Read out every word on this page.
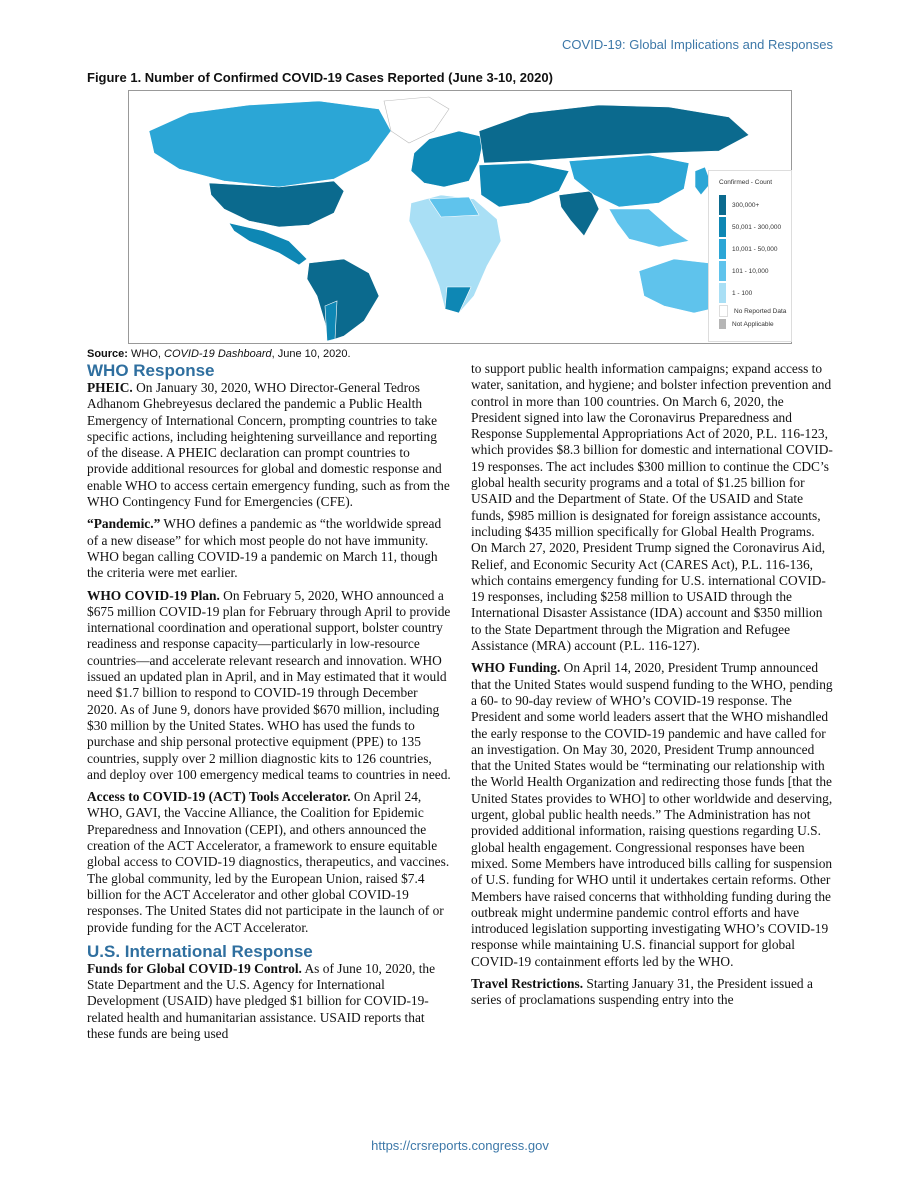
COVID-19: Global Implications and Responses
Figure 1. Number of Confirmed COVID-19 Cases Reported (June 3-10, 2020)
Confirmed - Count
300,000+
50,001 - 300,000
10,001 - 50,000
101 - 10,000
1 - 100
No Reported Data
Not Applicable
Source: WHO, COVID-19 Dashboard, June 10, 2020.
WHO Response

PHEIC. On January 30, 2020, WHO Director-General Tedros Adhanom Ghebreyesus declared the pandemic a Public Health Emergency of International Concern, prompting countries to take specific actions, including heightening surveillance and reporting of the disease. A PHEIC declaration can prompt countries to provide additional resources for global and domestic response and enable WHO to access certain emergency funding, such as from the WHO Contingency Fund for Emergencies (CFE).

“Pandemic.” WHO defines a pandemic as “the worldwide spread of a new disease” for which most people do not have immunity. WHO began calling COVID-19 a pandemic on March 11, though the criteria were met earlier.

WHO COVID-19 Plan. On February 5, 2020, WHO announced a $675 million COVID-19 plan for February through April to provide international coordination and operational support, bolster country readiness and response capacity—particularly in low-resource countries—and accelerate relevant research and innovation. WHO issued an updated plan in April, and in May estimated that it would need $1.7 billion to respond to COVID-19 through December 2020. As of June 9, donors have provided $670 million, including $30 million by the United States. WHO has used the funds to purchase and ship personal protective equipment (PPE) to 135 countries, supply over 2 million diagnostic kits to 126 countries, and deploy over 100 emergency medical teams to countries in need.

Access to COVID-19 (ACT) Tools Accelerator. On April 24, WHO, GAVI, the Vaccine Alliance, the Coalition for Epidemic Preparedness and Innovation (CEPI), and others announced the creation of the ACT Accelerator, a framework to ensure equitable global access to COVID-19 diagnostics, therapeutics, and vaccines. The global community, led by the European Union, raised $7.4 billion for the ACT Accelerator and other global COVID-19 responses. The United States did not participate in the launch of or provide funding for the ACT Accelerator.

U.S. International Response

Funds for Global COVID-19 Control. As of June 10, 2020, the State Department and the U.S. Agency for International Development (USAID) have pledged $1 billion for COVID-19-related health and humanitarian assistance. USAID reports that these funds are being used

to support public health information campaigns; expand access to water, sanitation, and hygiene; and bolster infection prevention and control in more than 100 countries. On March 6, 2020, the President signed into law the Coronavirus Preparedness and Response Supplemental Appropriations Act of 2020, P.L. 116-123, which provides $8.3 billion for domestic and international COVID-19 responses. The act includes $300 million to continue the CDC’s global health security programs and a total of $1.25 billion for USAID and the Department of State. Of the USAID and State funds, $985 million is designated for foreign assistance accounts, including $435 million specifically for Global Health Programs. On March 27, 2020, President Trump signed the Coronavirus Aid, Relief, and Economic Security Act (CARES Act), P.L. 116-136, which contains emergency funding for U.S. international COVID-19 responses, including $258 million to USAID through the International Disaster Assistance (IDA) account and $350 million to the State Department through the Migration and Refugee Assistance (MRA) account (P.L. 116-127).

WHO Funding. On April 14, 2020, President Trump announced that the United States would suspend funding to the WHO, pending a 60- to 90-day review of WHO’s COVID-19 response. The President and some world leaders assert that the WHO mishandled the early response to the COVID-19 pandemic and have called for an investigation. On May 30, 2020, President Trump announced that the United States would be “terminating our relationship with the World Health Organization and redirecting those funds [that the United States provides to WHO] to other worldwide and deserving, urgent, global public health needs.” The Administration has not provided additional information, raising questions regarding U.S. global health engagement. Congressional responses have been mixed. Some Members have introduced bills calling for suspension of U.S. funding for WHO until it undertakes certain reforms. Other Members have raised concerns that withholding funding during the outbreak might undermine pandemic control efforts and have introduced legislation supporting investigating WHO’s COVID-19 response while maintaining U.S. financial support for global COVID-19 containment efforts led by the WHO.

Travel Restrictions. Starting January 31, the President issued a series of proclamations suspending entry into the

https://crsreports.congress.gov
